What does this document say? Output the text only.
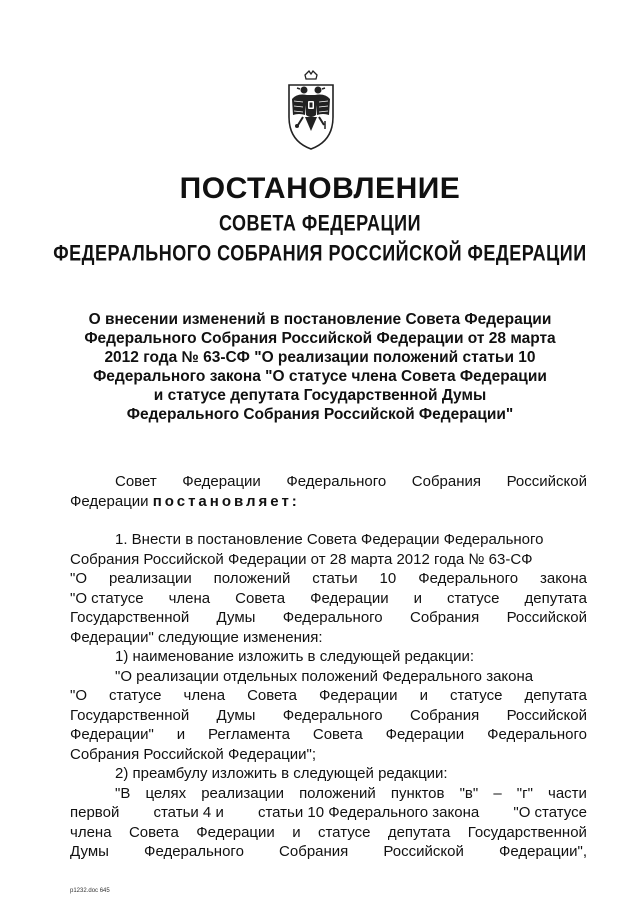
ПОСТАНОВЛЕНИЕ
СОВЕТА ФЕДЕРАЦИИ
ФЕДЕРАЛЬНОГО СОБРАНИЯ РОССИЙСКОЙ ФЕДЕРАЦИИ
О внесении изменений в постановление Совета Федерации
Федерального Собрания Российской Федерации от 28 марта
2012 года № 63-СФ "О реализации положений статьи 10
Федерального закона "О статусе члена Совета Федерации
и статусе депутата Государственной Думы
Федерального Собрания Российской Федерации"
Совет Федерации Федерального Собрания Российской
Федерации постановляет:
1. Внести в постановление Совета Федерации Федерального
Собрания Российской Федерации от 28 марта 2012 года № 63-СФ
"О реализации положений статьи 10 Федерального закона
"О статусе члена Совета Федерации и статусе депутата
Государственной Думы Федерального Собрания Российской
Федерации" следующие изменения:
1) наименование изложить в следующей редакции:
"О реализации отдельных положений Федерального закона
"О статусе члена Совета Федерации и статусе депутата
Государственной Думы Федерального Собрания Российской
Федерации" и Регламента Совета Федерации Федерального
Собрания Российской Федерации";
2) преамбулу изложить в следующей редакции:
"В целях реализации положений пунктов "в" – "г" части
первой статьи 4 и статьи 10 Федерального закона "О статусе
члена Совета Федерации и статусе депутата Государственной
Думы Федерального Собрания Российской Федерации",
p1232.doc 645
